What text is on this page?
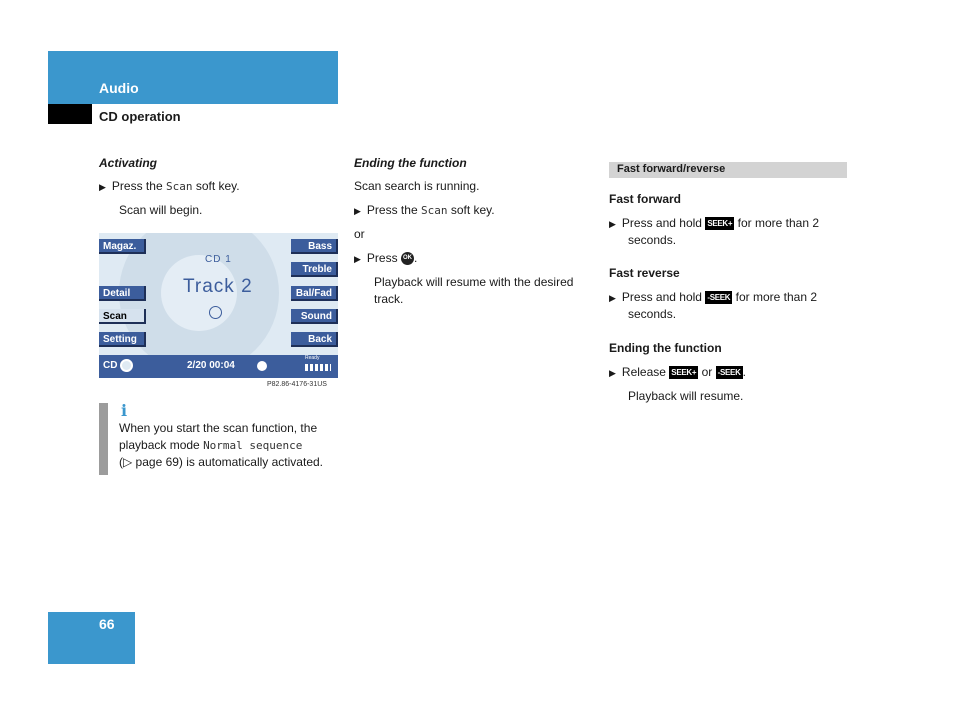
Audio
CD operation
Activating
▶ Press the Scan soft key.
Scan will begin.
Magaz.
Detail
Scan
Setting
Bass
Treble
Bal/Fad
Sound
Back
CD 1
Track 2
CD	2/20 00:04
Ready
P82.86-4176-31US
i
When you start the scan function, the
playback mode Normal sequence
(▷ page 69) is automatically activated.
Ending the function
Scan search is running.
▶ Press the Scan soft key.
or
▶ Press OK .
Playback will resume with the desired
track.
Fast forward/reverse
Fast forward
▶ Press and hold SEEK+ for more than 2
seconds.
Fast reverse
▶ Press and hold -SEEK for more than 2
seconds.
Ending the function
▶ Release SEEK+ or -SEEK .
Playback will resume.
66
